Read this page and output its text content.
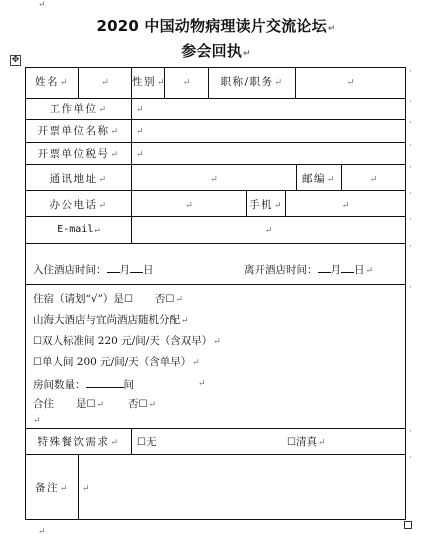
↵
2020 中国动物病理读片交流论坛↵
参会回执↵
✥
姓名↵	↵	性别↵	↵	职称/职务↵	↵
工作单位↵	↵
开票单位名称↵	↵
开票单位税号↵	↵
通讯地址↵	↵	邮编↵	↵
办公电话↵	↵	手机↵	↵
E-mail↵	↵
入住酒店时间： 月 日	离开酒店时间： 月 日↵
住宿（请划“√”）是☐ 否☐↵
山海大酒店与宜尚酒店随机分配↵
☐双人标准间 220 元/间/天（含双早）↵
☐单人间 200 元/间/天（含单早）↵
房间数量：	间	↵
合住 是☐↵ 否☐↵
↵
特殊餐饮需求↵	☐无	☐清真↵
备注↵	↵
·
·
·
·
·
·
·
·
·
·
·
↵
